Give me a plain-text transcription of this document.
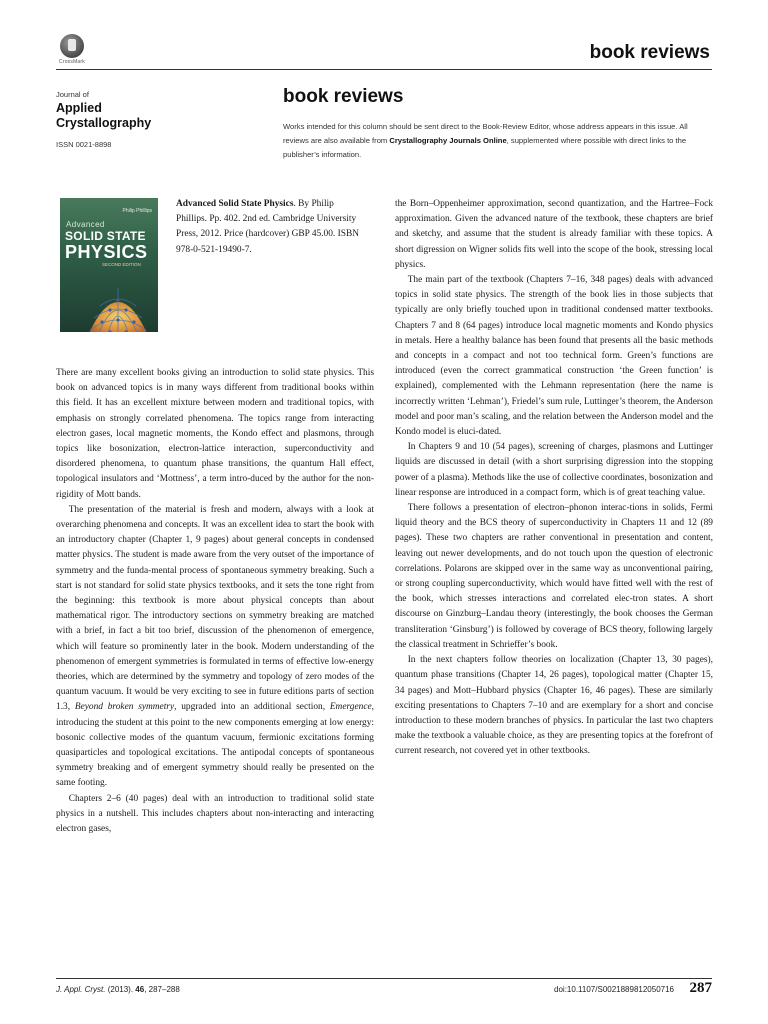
CrossMark	book reviews
Journal of
Applied
Crystallography
ISSN 0021-8898
book reviews
Works intended for this column should be sent direct to the Book-Review Editor, whose address appears in this issue. All reviews are also available from Crystallography Journals Online, supplemented where possible with direct links to the publisher’s information.
Philip Phillips
Advanced
SOLID STATE
PHYSICS
SECOND EDITION
Advanced Solid State Physics. By Philip Phillips. Pp. 402. 2nd ed. Cambridge University Press, 2012. Price (hardcover) GBP 45.00. ISBN 978-0-521-19490-7.

There are many excellent books giving an introduction to solid state physics. This book on advanced topics is in many ways different from traditional books within this field. It has an excellent mixture between modern and traditional topics, with emphasis on strongly correlated phenomena. The topics range from interacting electron gases, local magnetic moments, the Kondo effect and plasmons, through topics like bosonization, electron-lattice interaction, superconductivity and disordered phenomena, to quantum phase transitions, the quantum Hall effect, topological insulators and ‘Mottness’, a term intro-duced by the author for the non-rigidity of Mott bands.

The presentation of the material is fresh and modern, always with a look at overarching phenomena and concepts. It was an excellent idea to start the book with an introductory chapter (Chapter 1, 9 pages) about general concepts in condensed matter physics. The student is made aware from the very outset of the importance of symmetry and the funda-mental process of spontaneous symmetry breaking. Such a start is not standard for solid state physics textbooks, and it sets the tone right from the beginning: this textbook is more about physical concepts than about mathematical rigor. The introductory sections on symmetry breaking are matched with a brief, in fact a bit too brief, discussion of the phenomenon of emergence, which will feature so prominently later in the book. Modern understanding of the phenomenon of emergent symmetries is formulated in terms of effective low-energy theories, which are determined by the symmetry and topology of zero modes of the quantum vacuum. It would be very exciting to see in future editions parts of section 1.3, Beyond broken symmetry, upgraded into an additional section, Emergence, introducing the student at this point to the new components emerging at low energy: bosonic collective modes of the quantum vacuum, fermionic excitations forming quasiparticles and topological excitations. The antipodal concepts of spontaneous symmetry breaking and of emergent symmetry should really be presented on the same footing.

Chapters 2–6 (40 pages) deal with an introduction to traditional solid state physics in a nutshell. This includes chapters about non-interacting and interacting electron gases,

the Born–Oppenheimer approximation, second quantization, and the Hartree–Fock approximation. Given the advanced nature of the textbook, these chapters are brief and sketchy, and assume that the student is already familiar with these topics. A short digression on Wigner solids fits well into the scope of the book, stressing local physics.

The main part of the textbook (Chapters 7–16, 348 pages) deals with advanced topics in solid state physics. The strength of the book lies in those subjects that typically are only briefly touched upon in traditional condensed matter textbooks. Chapters 7 and 8 (64 pages) introduce local magnetic moments and Kondo physics in metals. Here a healthy balance has been found that presents all the basic methods and concepts in a compact and not too technical form. Green’s functions are introduced (even the correct grammatical construction ‘the Green function’ is explained), complemented with the Lehmann representation (here the name is incorrectly written ‘Lehman’), Friedel’s sum rule, Luttinger’s theorem, the Anderson model and poor man’s scaling, and the relation between the Anderson model and the Kondo model is eluci-dated.

In Chapters 9 and 10 (54 pages), screening of charges, plasmons and Luttinger liquids are discussed in detail (with a short surprising digression into the stopping power of a plasma). Methods like the use of collective coordinates, bosonization and linear response are introduced in a compact form, which is of great teaching value.

There follows a presentation of electron–phonon interac-tions in solids, Fermi liquid theory and the BCS theory of superconductivity in Chapters 11 and 12 (89 pages). These two chapters are rather conventional in presentation and content, leaving out newer developments, and do not touch upon the question of electronic correlations. Polarons are skipped over in the same way as unconventional pairing, or strong coupling superconductivity, which would have fitted well with the rest of the book, which stresses interactions and correlated elec-tron states. A short discourse on Ginzburg–Landau theory (interestingly, the book chooses the German transliteration ‘Ginsburg’) is followed by coverage of BCS theory, following largely the classical treatment in Schrieffer’s book.

In the next chapters follow theories on localization (Chapter 13, 30 pages), quantum phase transitions (Chapter 14, 26 pages), topological matter (Chapter 15, 34 pages) and Mott–Hubbard physics (Chapter 16, 46 pages). These are similarly exciting presentations to Chapters 7–10 and are exemplary for a short and concise introduction to these modern branches of physics. In particular the last two chapters make the textbook a valuable choice, as they are presenting topics at the forefront of current research, not covered yet in other textbooks.

J. Appl. Cryst. (2013). 46, 287–288	doi:10.1107/S0021889812050716 287
